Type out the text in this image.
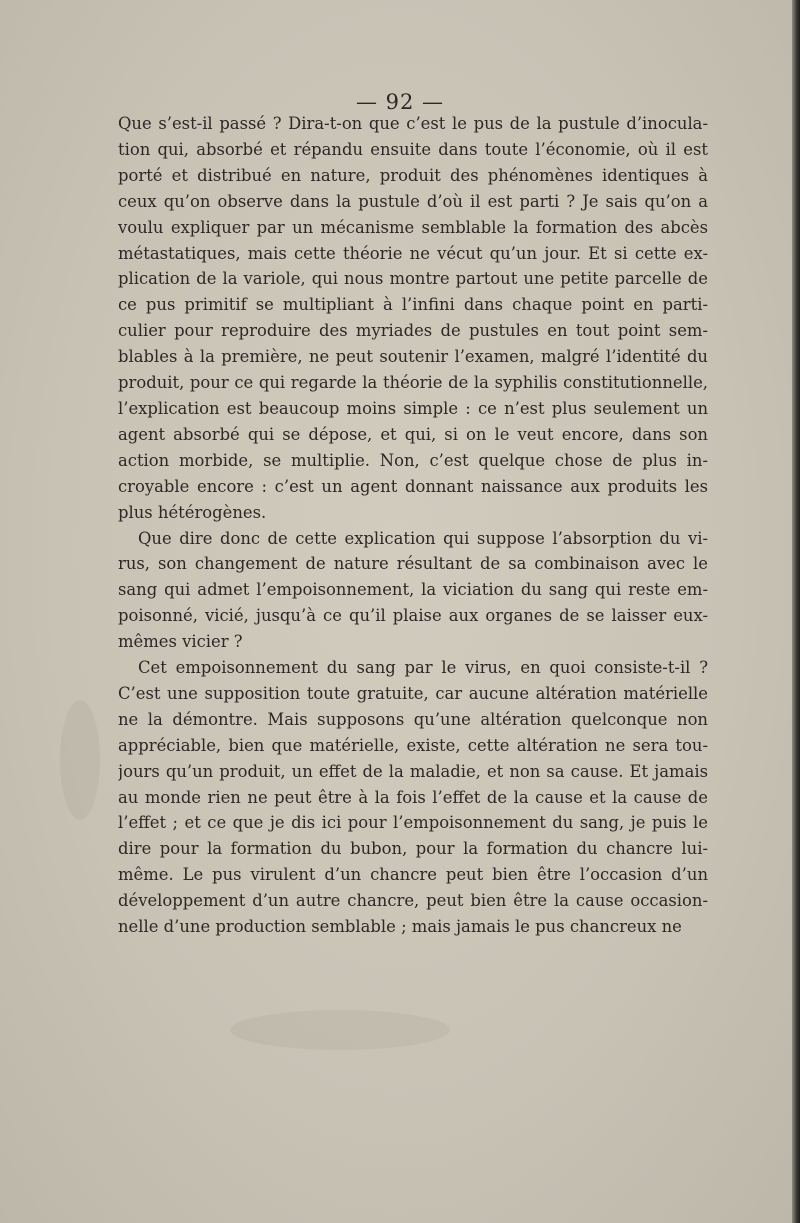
— 92 —

Que s’est-il passé ? Dira-t-on que c’est le pus de la pustule d’inocula-
tion qui, absorbé et répandu ensuite dans toute l’économie, où il est
porté et distribué en nature, produit des phénomènes identiques à
ceux qu’on observe dans la pustule d’où il est parti ? Je sais qu’on a
voulu expliquer par un mécanisme semblable la formation des abcès
métastatiques, mais cette théorie ne vécut qu’un jour. Et si cette ex-
plication de la variole, qui nous montre partout une petite parcelle de
ce pus primitif se multipliant à l’infini dans chaque point en parti-
culier pour reproduire des myriades de pustules en tout point sem-
blables à la première, ne peut soutenir l’examen, malgré l’identité du
produit, pour ce qui regarde la théorie de la syphilis constitutionnelle,
l’explication est beaucoup moins simple : ce n’est plus seulement un
agent absorbé qui se dépose, et qui, si on le veut encore, dans son
action morbide, se multiplie. Non, c’est quelque chose de plus in-
croyable encore : c’est un agent donnant naissance aux produits les
plus hétérogènes.

Que dire donc de cette explication qui suppose l’absorption du vi-
rus, son changement de nature résultant de sa combinaison avec le
sang qui admet l’empoisonnement, la viciation du sang qui reste em-
poisonné, vicié, jusqu’à ce qu’il plaise aux organes de se laisser eux-
mêmes vicier ?

Cet empoisonnement du sang par le virus, en quoi consiste-t-il ?
C’est une supposition toute gratuite, car aucune altération matérielle
ne la démontre. Mais supposons qu’une altération quelconque non
appréciable, bien que matérielle, existe, cette altération ne sera tou-
jours qu’un produit, un effet de la maladie, et non sa cause. Et jamais
au monde rien ne peut être à la fois l’effet de la cause et la cause de
l’effet ; et ce que je dis ici pour l’empoisonnement du sang, je puis le
dire pour la formation du bubon, pour la formation du chancre lui-
même. Le pus virulent d’un chancre peut bien être l’occasion d’un
développement d’un autre chancre, peut bien être la cause occasion-
nelle d’une production semblable ; mais jamais le pus chancreux ne
